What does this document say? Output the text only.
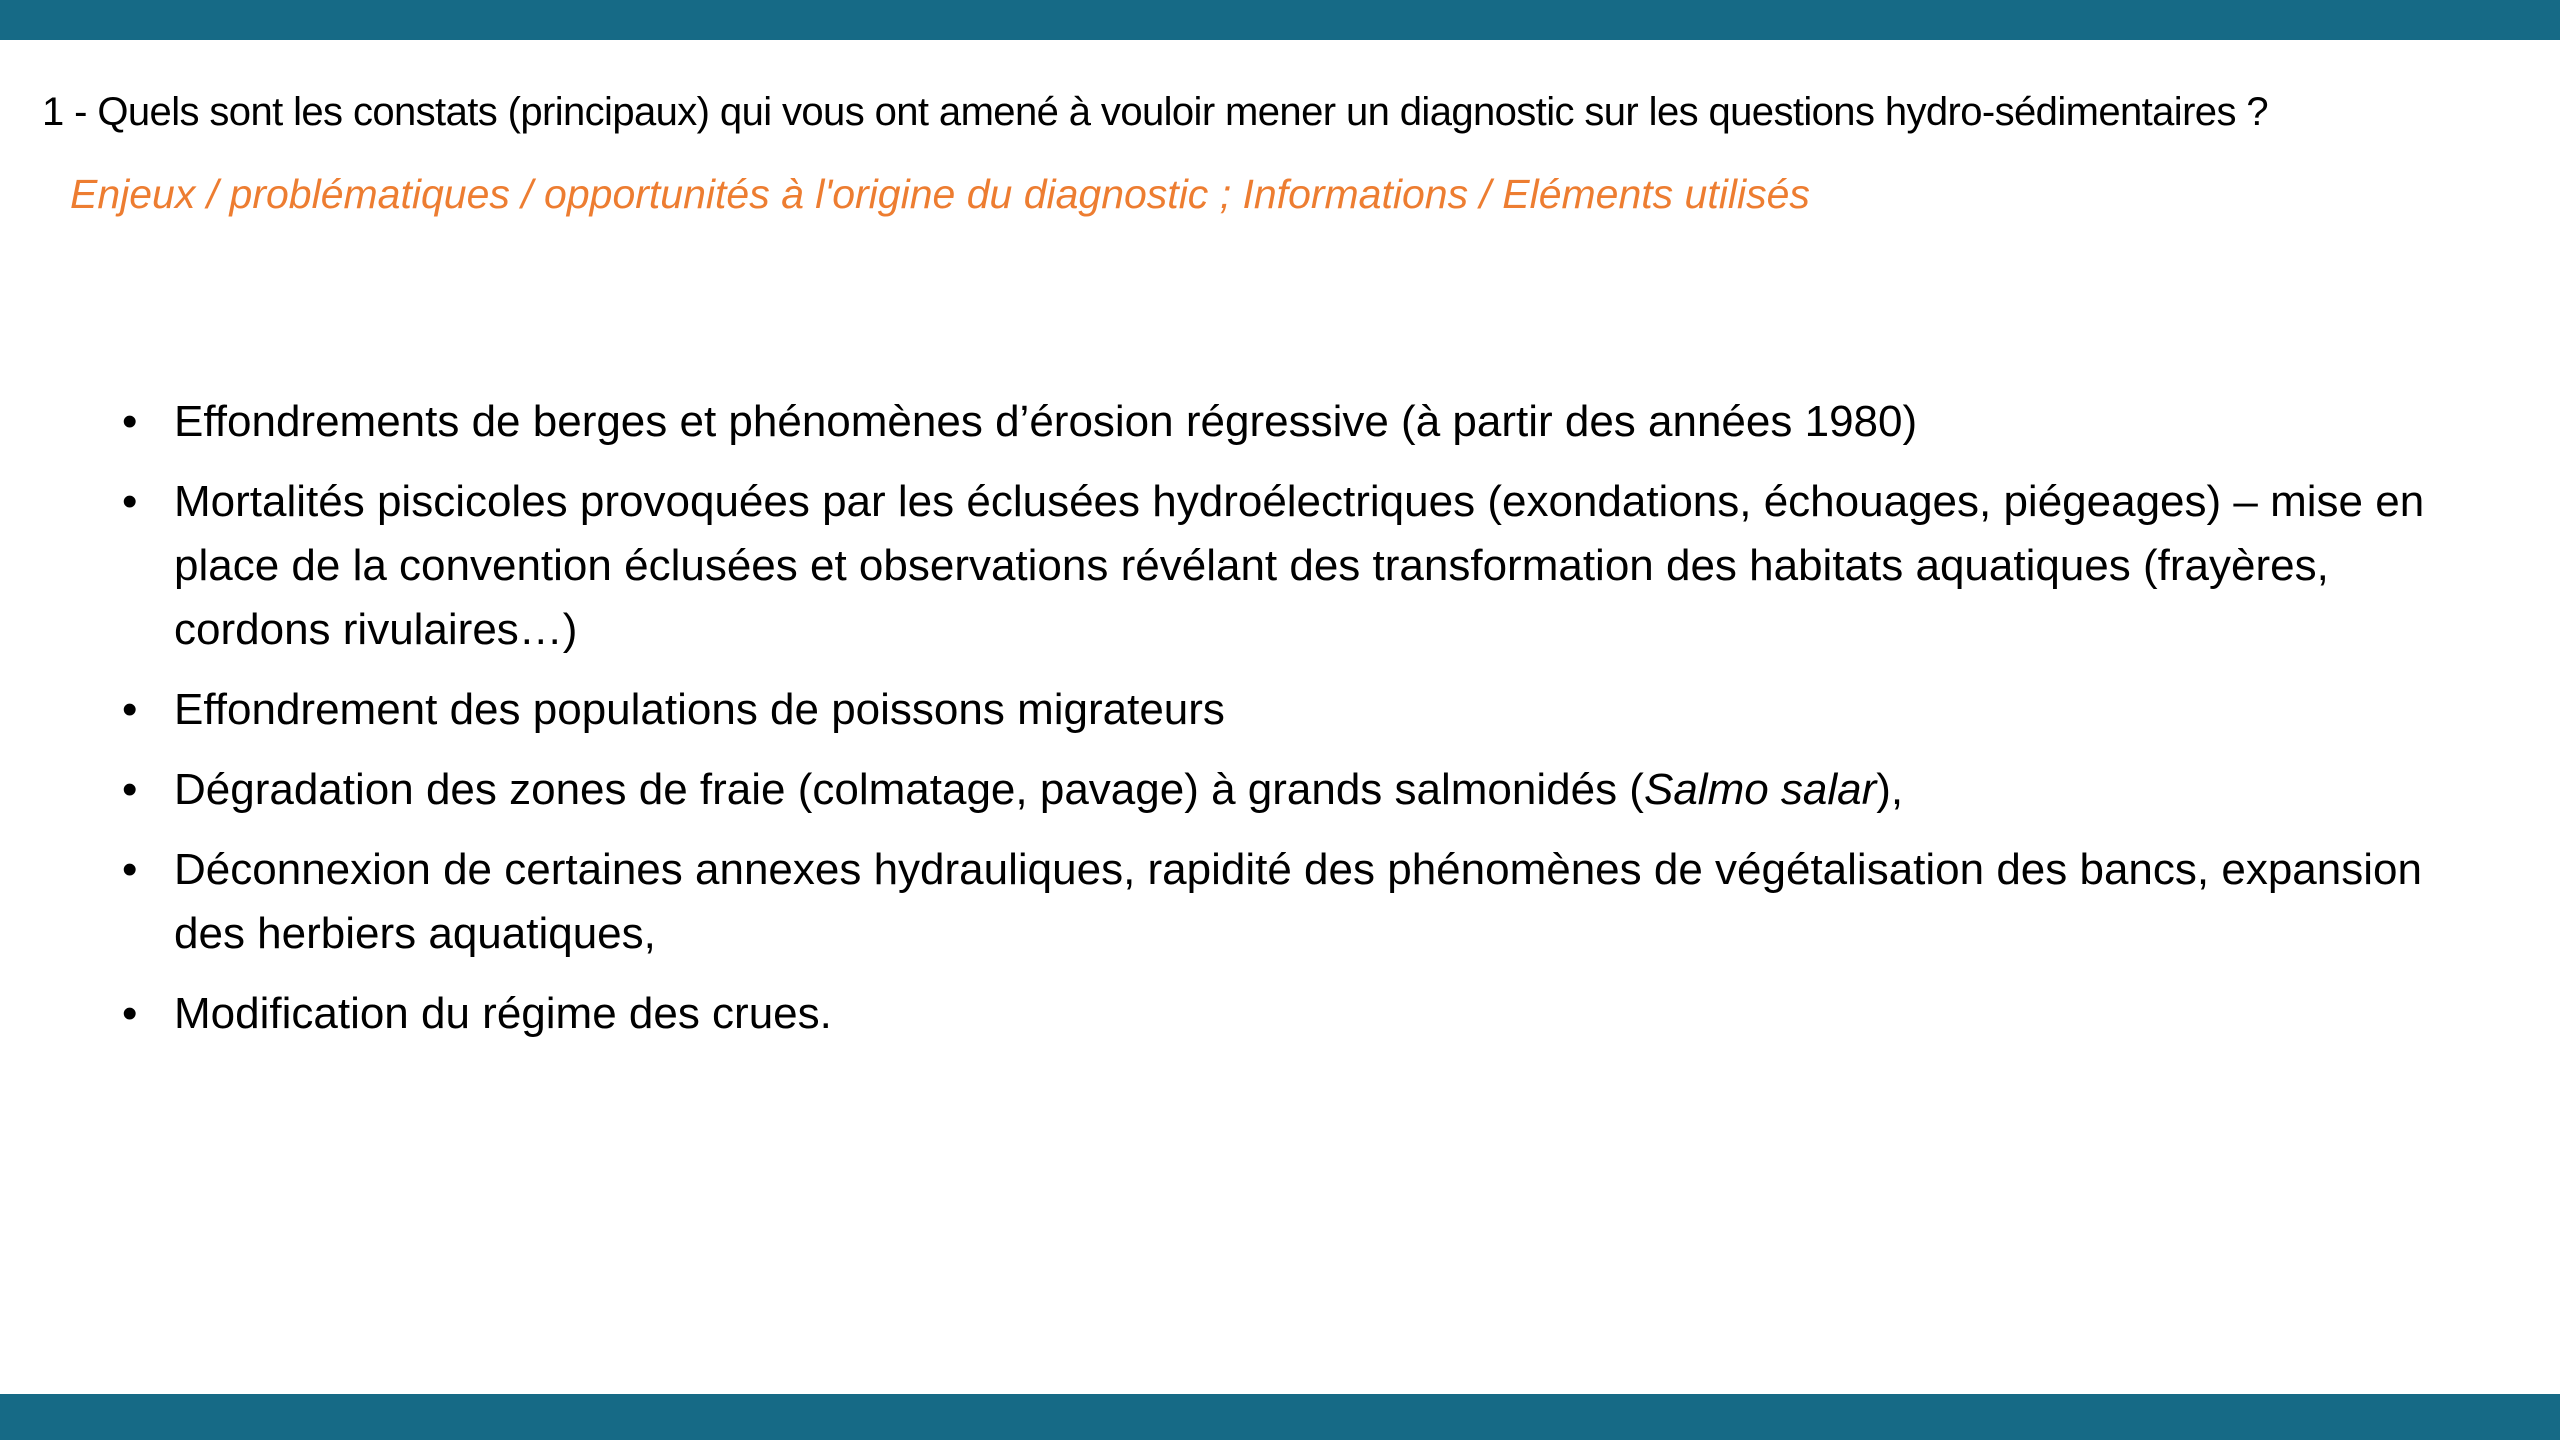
1 - Quels sont les constats (principaux) qui vous ont amené à vouloir mener un diagnostic sur les questions hydro-sédimentaires ?
Enjeux / problématiques / opportunités à l'origine du diagnostic ; Informations / Eléments utilisés
• Effondrements de berges et phénomènes d’érosion régressive (à partir des années 1980)
• Mortalités piscicoles provoquées par les éclusées hydroélectriques (exondations, échouages, piégeages) – mise en place de la convention éclusées et observations révélant des transformation des habitats aquatiques (frayères, cordons rivulaires…)
• Effondrement des populations de poissons migrateurs
• Dégradation des zones de fraie (colmatage, pavage) à grands salmonidés (Salmo salar),
• Déconnexion de certaines annexes hydrauliques, rapidité des phénomènes de végétalisation des bancs, expansion des herbiers aquatiques,
• Modification du régime des crues.
